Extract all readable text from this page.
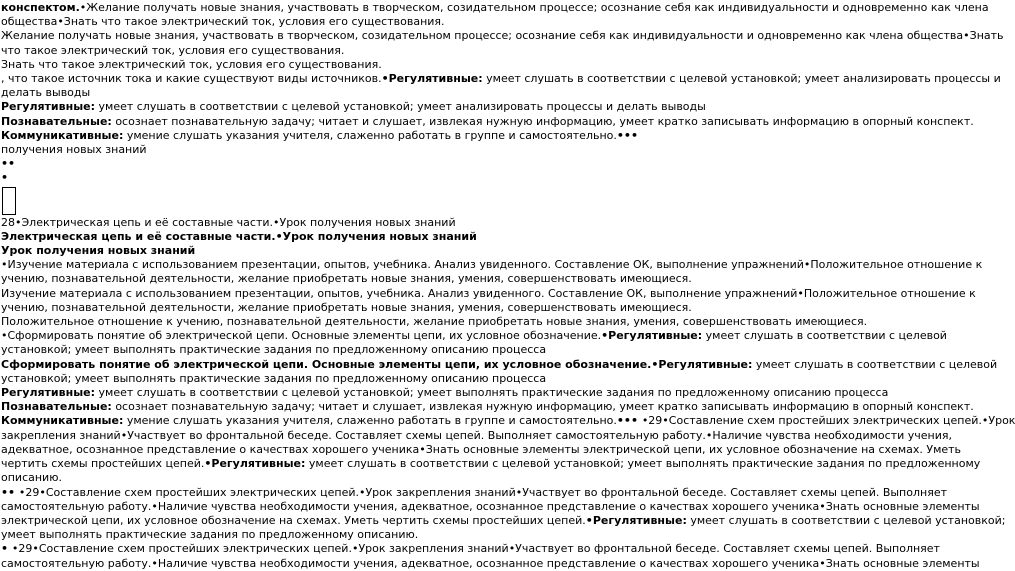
конспектом.•Желание получать новые знания, участвовать в творческом, созидательном процессе; осознание себя как индивидуальности и одновременно как члена
общества•Знать что такое электрический ток, условия его существования.
Желание получать новые знания, участвовать в творческом, созидательном процессе; осознание себя как индивидуальности и одновременно как члена общества•Знать
что такое электрический ток, условия его существования.
Знать что такое электрический ток, условия его существования.
, что такое источник тока и какие существуют виды источников.•Регулятивные: умеет слушать в соответствии с целевой установкой; умеет анализировать процессы и
делать выводы
Регулятивные: умеет слушать в соответствии с целевой установкой; умеет анализировать процессы и делать выводы
Познавательные: осознает познавательную задачу; читает и слушает, извлекая нужную информацию, умеет кратко записывать информацию в опорный конспект.
Коммуникативные: умение слушать указания учителя, слаженно работать в группе и самостоятельно.•••
получения новых знаний
••
•
28•Электрическая цепь и её составные части.•Урок получения новых знаний
Электрическая цепь и её составные части.•Урок получения новых знаний
Урок получения новых знаний
•Изучение материала с использованием презентации, опытов, учебника. Анализ увиденного. Составление ОК, выполнение упражнений•Положительное отношение к
учению, познавательной деятельности, желание приобретать новые знания, умения, совершенствовать имеющиеся.
Изучение материала с использованием презентации, опытов, учебника. Анализ увиденного. Составление ОК, выполнение упражнений•Положительное отношение к
учению, познавательной деятельности, желание приобретать новые знания, умения, совершенствовать имеющиеся.
Положительное отношение к учению, познавательной деятельности, желание приобретать новые знания, умения, совершенствовать имеющиеся.
•Сформировать понятие об электрической цепи. Основные элементы цепи, их условное обозначение.•Регулятивные: умеет слушать в соответствии с целевой
установкой; умеет выполнять практические задания по предложенному описанию процесса
Сформировать понятие об электрической цепи. Основные элементы цепи, их условное обозначение.•Регулятивные: умеет слушать в соответствии с целевой
установкой; умеет выполнять практические задания по предложенному описанию процесса
Регулятивные: умеет слушать в соответствии с целевой установкой; умеет выполнять практические задания по предложенному описанию процесса
Познавательные: осознает познавательную задачу; читает и слушает, извлекая нужную информацию, умеет кратко записывать информацию в опорный конспект.
Коммуникативные: умение слушать указания учителя, слаженно работать в группе и самостоятельно.••• •29•Составление схем простейших электрических цепей.•Урок
закрепления знаний•Участвует во фронтальной беседе. Составляет схемы цепей. Выполняет самостоятельную работу.•Наличие чувства необходимости учения,
адекватное, осознанное представление о качествах хорошего ученика•Знать основные элементы электрической цепи, их условное обозначение на схемах. Уметь
чертить схемы простейших цепей.•Регулятивные: умеет слушать в соответствии с целевой установкой; умеет выполнять практические задания по предложенному
описанию.
•• •29•Составление схем простейших электрических цепей.•Урок закрепления знаний•Участвует во фронтальной беседе. Составляет схемы цепей. Выполняет
самостоятельную работу.•Наличие чувства необходимости учения, адекватное, осознанное представление о качествах хорошего ученика•Знать основные элементы
электрической цепи, их условное обозначение на схемах. Уметь чертить схемы простейших цепей.•Регулятивные: умеет слушать в соответствии с целевой установкой;
умеет выполнять практические задания по предложенному описанию.
• •29•Составление схем простейших электрических цепей.•Урок закрепления знаний•Участвует во фронтальной беседе. Составляет схемы цепей. Выполняет
самостоятельную работу.•Наличие чувства необходимости учения, адекватное, осознанное представление о качествах хорошего ученика•Знать основные элементы
